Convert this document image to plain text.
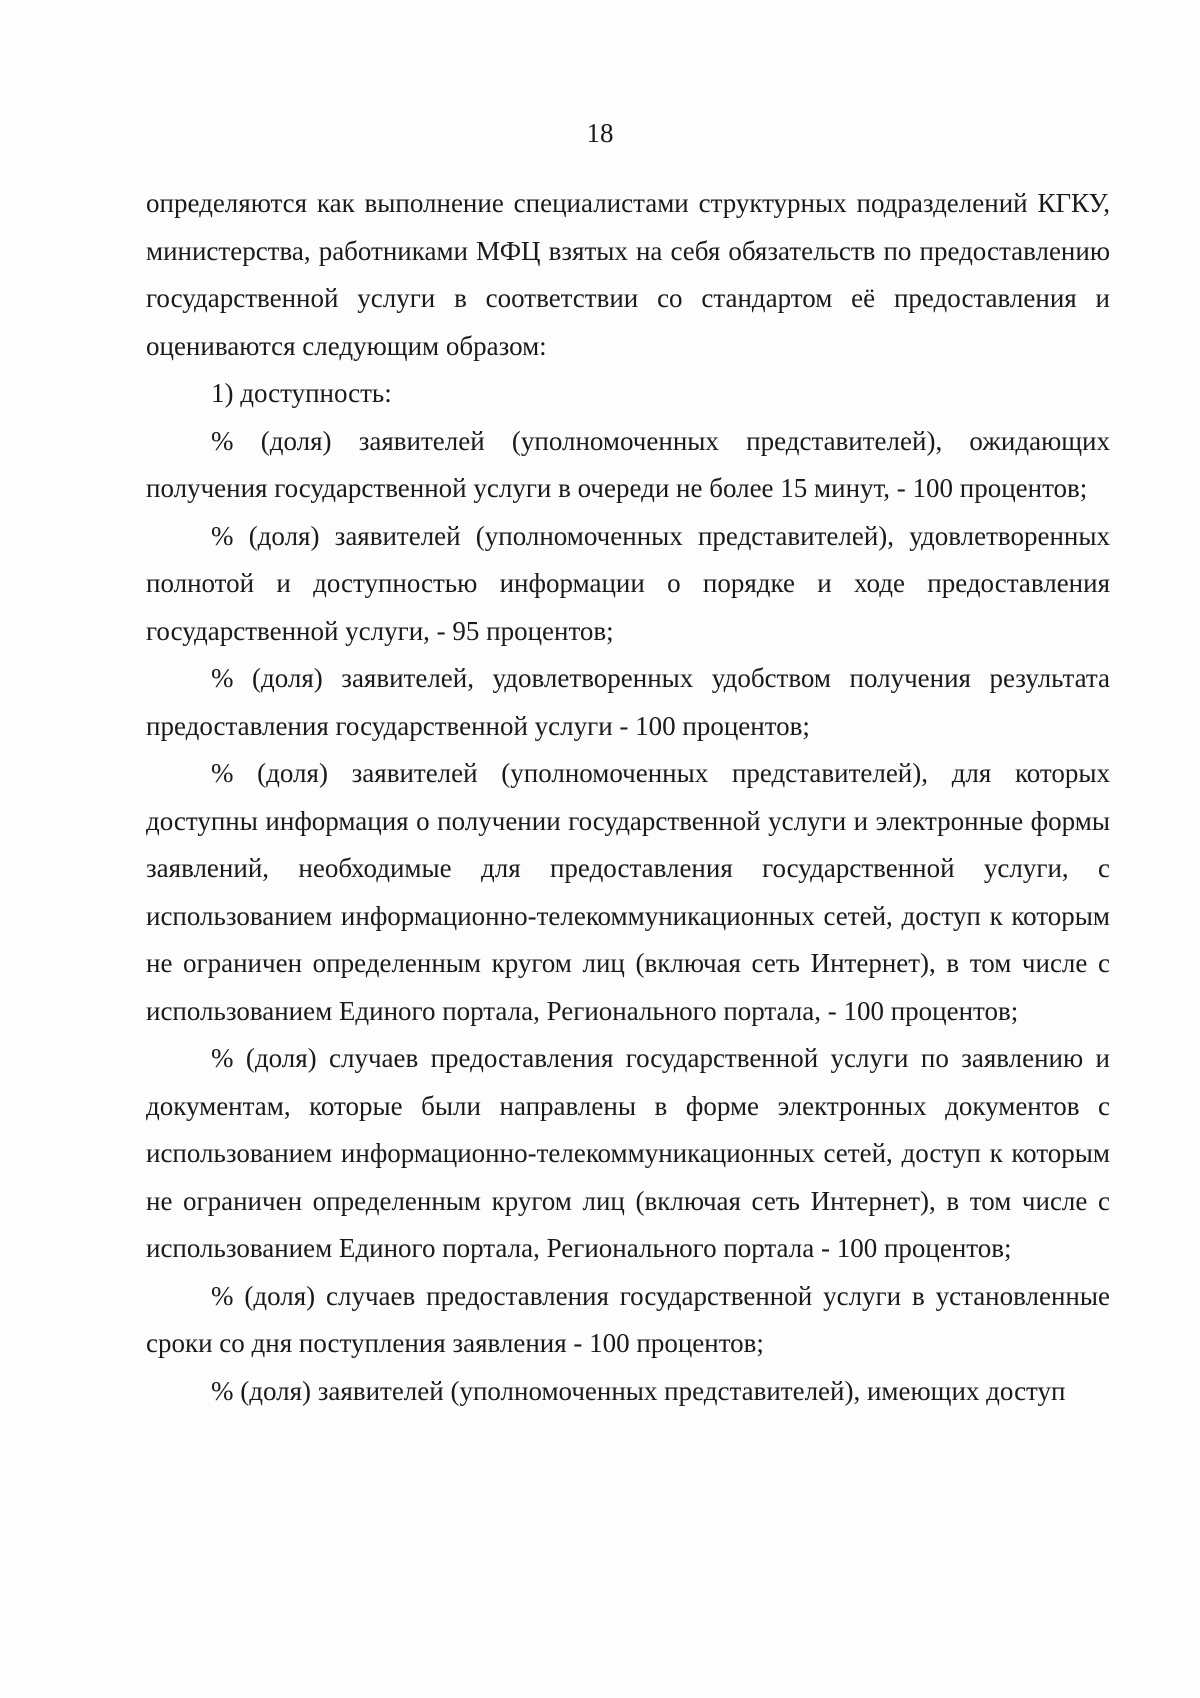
18

определяются как выполнение специалистами структурных подразделений КГКУ, министерства, работниками МФЦ взятых на себя обязательств по предоставлению государственной услуги в соответствии со стандартом её предоставления и оцениваются следующим образом:

1) доступность:

% (доля) заявителей (уполномоченных представителей), ожидающих получения государственной услуги в очереди не более 15 минут, - 100 процентов;

% (доля) заявителей (уполномоченных представителей), удовлетворенных полнотой и доступностью информации о порядке и ходе предоставления государственной услуги, - 95 процентов;

% (доля) заявителей, удовлетворенных удобством получения результата предоставления государственной услуги - 100 процентов;

% (доля) заявителей (уполномоченных представителей), для которых доступны информация о получении государственной услуги и электронные формы заявлений, необходимые для предоставления государственной услуги, с использованием информационно-телекоммуникационных сетей, доступ к которым не ограничен определенным кругом лиц (включая сеть Интернет), в том числе с использованием Единого портала, Регионального портала, - 100 процентов;

% (доля) случаев предоставления государственной услуги по заявлению и документам, которые были направлены в форме электронных документов с использованием информационно-телекоммуникационных сетей, доступ к которым не ограничен определенным кругом лиц (включая сеть Интернет), в том числе с использованием Единого портала, Регионального портала - 100 процентов;

% (доля) случаев предоставления государственной услуги в установленные сроки со дня поступления заявления - 100 процентов;

% (доля) заявителей (уполномоченных представителей), имеющих доступ
